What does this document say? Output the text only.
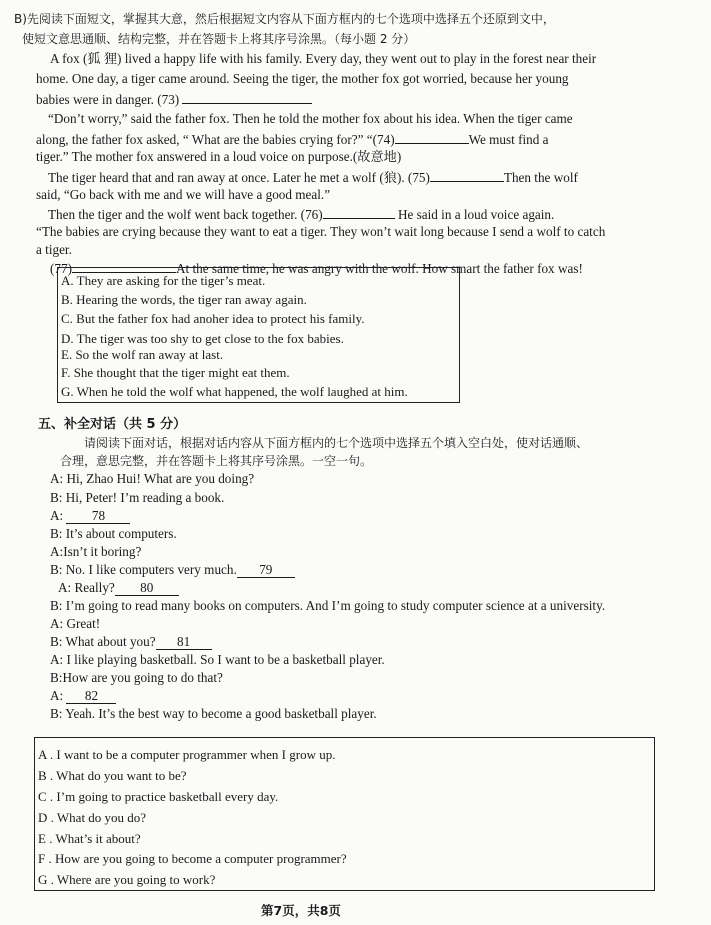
B)先阅读下面短文，掌握其大意，然后根据短文内容从下面方框内的七个选项中选择五个还原到文中，
使短文意思通顺、结构完整，并在答题卡上将其序号涂黑。（每小题 2 分）
A fox (狐 狸) lived a happy life with his family. Every day, they went out to play in the forest near their
home. One day, a tiger came around. Seeing the tiger, the mother fox got worried, because her young
babies were in danger. (73)
“Don’t worry,” said the father fox. Then he told the mother fox about his idea. When the tiger came
along, the father fox asked, “ What are the babies crying for?” “(74)	We must find a
tiger.” The mother fox answered in a loud voice on purpose.(故意地)
The tiger heard that and ran away at once. Later he met a wolf (狼). (75)	Then the wolf
said, “Go back with me and we will have a good meal.”
Then the tiger and the wolf went back together. (76)	He said in a loud voice again.
“The babies are crying because they want to eat a tiger. They won’t wait long because I send a wolf to catch
a tiger.
(77)	At the same time, he was angry with the wolf. How smart the father fox was!
A. They are asking for the tiger’s meat.
B. Hearing the words, the tiger ran away again.
C. But the father fox had anoher idea to protect his family.
D. The tiger was too shy to get close to the fox babies.
E. So the wolf ran away at last.
F. She thought that the tiger might eat them.
G. When he told the wolf what happened, the wolf laughed at him.
五、补全对话（共 5 分）
请阅读下面对话，根据对话内容从下面方框内的七个选项中选择五个填入空白处，使对话通顺、
合理，意思完整，并在答题卡上将其序号涂黑。一空一句。
A: Hi, Zhao Hui! What are you doing?
B: Hi, Peter! I’m reading a book.
A: 78
B: It’s about computers.
A:Isn’t it boring?
B: No. I like computers very much. 79
A: Really? 80
B: I’m going to read many books on computers. And I’m going to study computer science at a university.
A: Great!
B: What about you? 81
A: I like playing basketball. So I want to be a basketball player.
B:How are you going to do that?
A: 82
B: Yeah. It’s the best way to become a good basketball player.
A . I want to be a computer programmer when I grow up.
B . What do you want to be?
C . I’m going to practice basketball every day.
D . What do you do?
E . What’s it about?
F . How are you going to become a computer programmer?
G . Where are you going to work?
第7页，共8页
